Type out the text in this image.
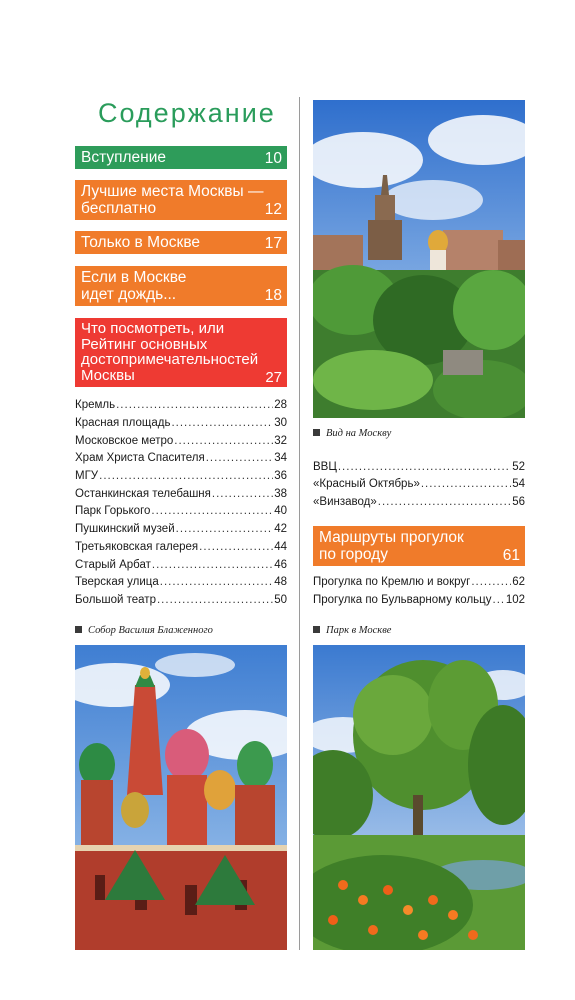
Содержание
Вступление	10
Лучшие места Москвы —
бесплатно	12
Только в Москве	17
Если в Москве
идет дождь...	18
Что посмотреть, или
Рейтинг основных
достопримечательностей
Москвы	27
Кремль .....	28
Красная площадь .....	30
Московское метро .....	32
Храм Христа Спасителя .....	34
МГУ .....	36
Останкинская телебашня .....	38
Парк Горького .....	40
Пушкинский музей .....	42
Третьяковская галерея .....	44
Старый Арбат .....	46
Тверская улица .....	48
Большой театр .....	50
Собор Василия Блаженного
Вид на Москву
ВВЦ .....	52
«Красный Октябрь» .....	54
«Винзавод» .....	56
Маршруты прогулок
по городу	61
Прогулка по Кремлю и вокруг .....	62
Прогулка по Бульварному кольцу ..... 102
Парк в Москве
